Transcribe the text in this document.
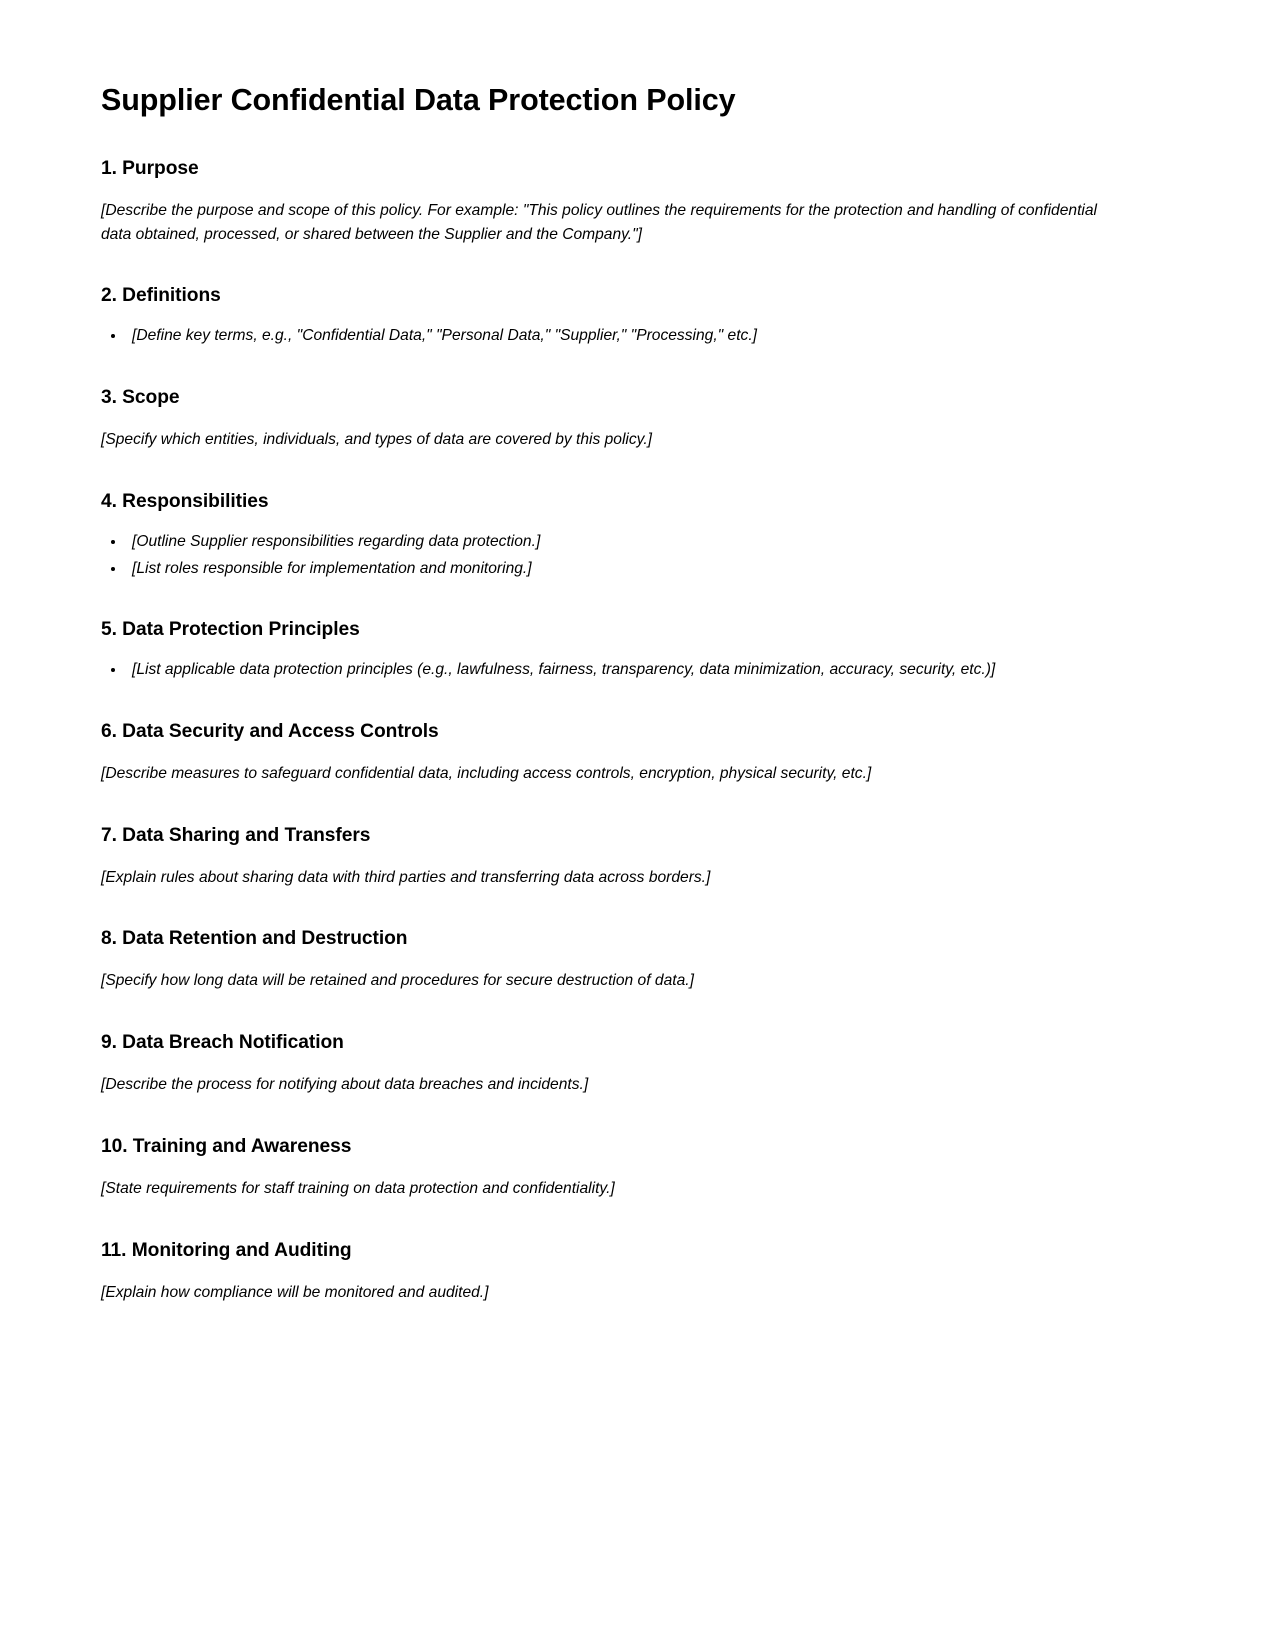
Supplier Confidential Data Protection Policy
1. Purpose

[Describe the purpose and scope of this policy. For example: "This policy outlines the requirements for the protection and handling of confidential data obtained, processed, or shared between the Supplier and the Company."]

2. Definitions
• [Define key terms, e.g., "Confidential Data," "Personal Data," "Supplier," "Processing," etc.]
3. Scope

[Specify which entities, individuals, and types of data are covered by this policy.]

4. Responsibilities
• [Outline Supplier responsibilities regarding data protection.]
• [List roles responsible for implementation and monitoring.]
5. Data Protection Principles
• [List applicable data protection principles (e.g., lawfulness, fairness, transparency, data minimization, accuracy, security, etc.)]
6. Data Security and Access Controls

[Describe measures to safeguard confidential data, including access controls, encryption, physical security, etc.]

7. Data Sharing and Transfers

[Explain rules about sharing data with third parties and transferring data across borders.]

8. Data Retention and Destruction

[Specify how long data will be retained and procedures for secure destruction of data.]

9. Data Breach Notification

[Describe the process for notifying about data breaches and incidents.]

10. Training and Awareness

[State requirements for staff training on data protection and confidentiality.]

11. Monitoring and Auditing

[Explain how compliance will be monitored and audited.]
